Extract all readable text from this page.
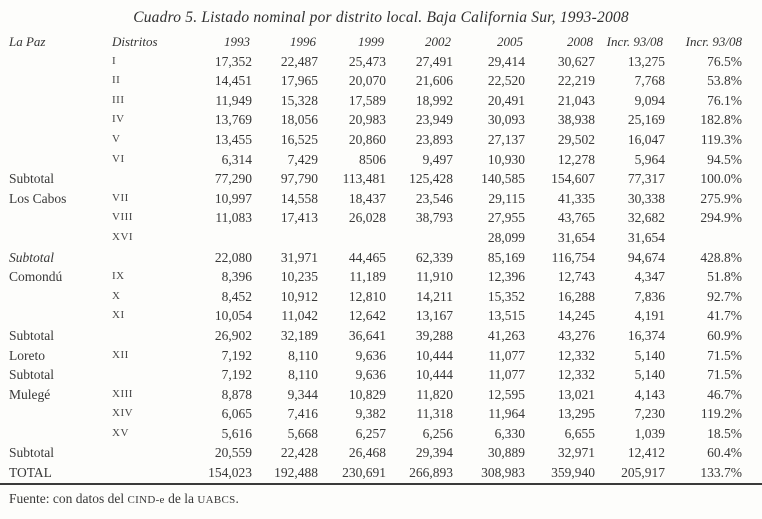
Cuadro 5. Listado nominal por distrito local. Baja California Sur, 1993-2008
La Paz	Distritos	1993	1996	1999	2002	2005	2008	Incr. 93/08	Incr. 93/08
	I	17,352	22,487	25,473	27,491	29,414	30,627	13,275	76.5%
	II	14,451	17,965	20,070	21,606	22,520	22,219	7,768	53.8%
	III	11,949	15,328	17,589	18,992	20,491	21,043	9,094	76.1%
	IV	13,769	18,056	20,983	23,949	30,093	38,938	25,169	182.8%
	V	13,455	16,525	20,860	23,893	27,137	29,502	16,047	119.3%
	VI	6,314	7,429	8506	9,497	10,930	12,278	5,964	94.5%
Subtotal		77,290	97,790	113,481	125,428	140,585	154,607	77,317	100.0%
Los Cabos	VII	10,997	14,558	18,437	23,546	29,115	41,335	30,338	275.9%
	VIII	11,083	17,413	26,028	38,793	27,955	43,765	32,682	294.9%
	XVI					28,099	31,654	31,654	
Subtotal		22,080	31,971	44,465	62,339	85,169	116,754	94,674	428.8%
Comondú	IX	8,396	10,235	11,189	11,910	12,396	12,743	4,347	51.8%
	X	8,452	10,912	12,810	14,211	15,352	16,288	7,836	92.7%
	XI	10,054	11,042	12,642	13,167	13,515	14,245	4,191	41.7%
Subtotal		26,902	32,189	36,641	39,288	41,263	43,276	16,374	60.9%
Loreto	XII	7,192	8,110	9,636	10,444	11,077	12,332	5,140	71.5%
Subtotal		7,192	8,110	9,636	10,444	11,077	12,332	5,140	71.5%
Mulegé	XIII	8,878	9,344	10,829	11,820	12,595	13,021	4,143	46.7%
	XIV	6,065	7,416	9,382	11,318	11,964	13,295	7,230	119.2%
	XV	5,616	5,668	6,257	6,256	6,330	6,655	1,039	18.5%
Subtotal		20,559	22,428	26,468	29,394	30,889	32,971	12,412	60.4%
TOTAL		154,023	192,488	230,691	266,893	308,983	359,940	205,917	133.7%
Fuente: con datos del CIND-e de la UABCS.
